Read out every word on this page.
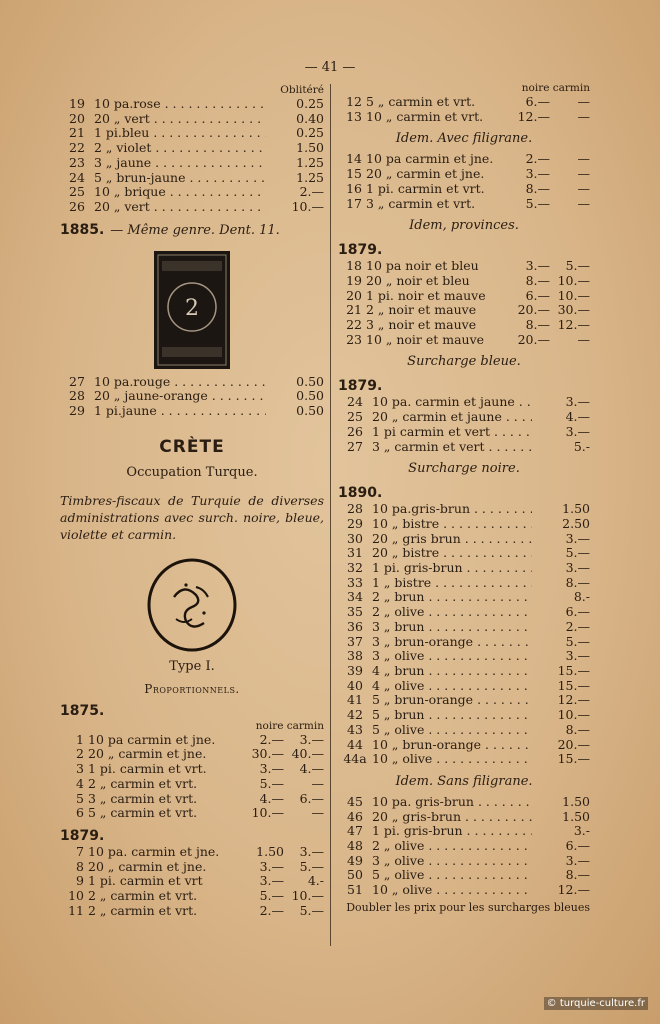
— 41 —
Oblitéré
19 10 pa.rose . . .	0.25
20 20 „ vert . . .	0.40
21 1 pi.bleu . . .	0.25
22 2 „ violet . . .	1.50
23 3 „ jaune . . .	1.25
24 5 „ brun-jaune . . .	1.25
25 10 „ brique . . .	2.—
26 20 „ vert . . .	10.—
1885. — Même genre. Dent. 11.
2
27 10 pa.rouge . . .	0.50
28 20 „ jaune-orange . . .	0.50
29 1 pi.jaune . . .	0.50
CRÈTE
Occupation Turque.
Timbres-fiscaux de Turquie de diverses administrations avec surch. noire, bleue, violette et carmin.
Type I.
Proportionnels.
1875.
noire carmin
1 10 pa carmin et jne.	2.—	3.—
2 20 „ carmin et jne.	30.— 40.—
3 1 pi. carmin et vrt.	3.—	4.—
4 2 „ carmin et vrt.	5.—	—
5 3 „ carmin et vrt.	4.—	6.—
6 5 „ carmin et vrt.	10.—	—
1879.
7 10 pa. carmin et jne.	1.50	3.—
8 20 „ carmin et jne.	3.—	5.—
9 1 pi. carmin et vrt	3.—	4.-
10 2 „ carmin et vrt.	5.— 10.—
11 2 „ carmin et vrt.	2.—	5.—
noire carmin
12 5 „ carmin et vrt.	6.—	—
13 10 „ carmin et vrt.	12.—	—
Idem. Avec filigrane.
14 10 pa carmin et jne.	2.—	—
15 20 „ carmin et jne.	3.—	—
16 1 pi. carmin et vrt.	8.—	—
17 3 „ carmin et vrt.	5.—	—
Idem, provinces.
1879.
18 10 pa noir et bleu	3.—	5.—
19 20 „ noir et bleu	8.— 10.—
20 1 pi. noir et mauve	6.— 10.—
21 2 „ noir et mauve	20.— 30.—
22 3 „ noir et mauve	8.— 12.—
23 10 „ noir et mauve	20.—	—
Surcharge bleue.
1879.
24 10 pa. carmin et jaune . . .	3.—
25 20 „ carmin et jaune . . .	4.—
26 1 pi carmin et vert . . .	3.—
27 3 „ carmin et vert . . .	5.-
Surcharge noire.
1890.
28 10 pa.gris-brun . . .	1.50
29 10 „ bistre . . .	2.50
30 20 „ gris brun . . .	3.—
31 20 „ bistre . . .	5.—
32 1 pi. gris-brun . . .	3.—
33 1 „ bistre . . .	8.—
34 2 „ brun . . .	8.-
35 2 „ olive . . .	6.—
36 3 „ brun . . .	2.—
37 3 „ brun-orange . . .	5.—
38 3 „ olive . . .	3.—
39 4 „ brun . . .	15.—
40 4 „ olive . . .	15.—
41 5 „ brun-orange . . .	12.—
42 5 „ brun . . .	10.—
43 5 „ olive . . .	8.—
44 10 „ brun-orange . . .	20.—
44a 10 „ olive . . .	15.—
Idem. Sans filigrane.
45 10 pa. gris-brun . . .	1.50
46 20 „ gris-brun . . .	1.50
47 1 pi. gris-brun . . .	3.-
48 2 „ olive . . .	6.—
49 3 „ olive . . .	3.—
50 5 „ olive . . .	8.—
51 10 „ olive . . .	12.—
Doubler les prix pour les surcharges bleues
© turquie-culture.fr
